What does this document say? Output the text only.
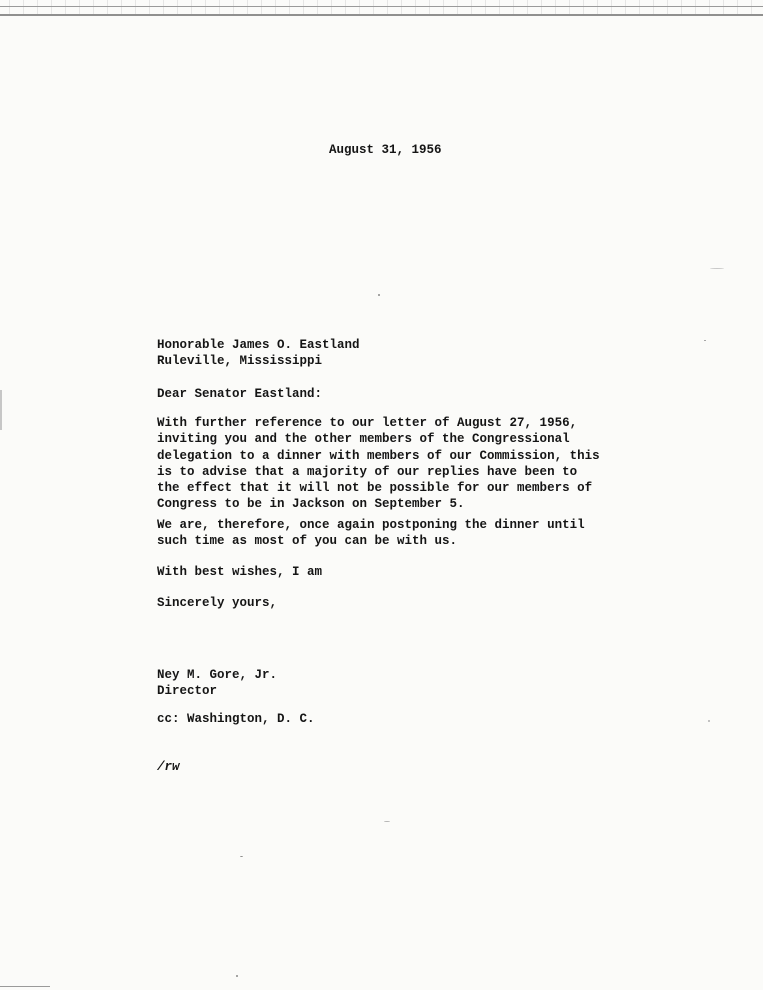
August 31, 1956
Honorable James O. Eastland
Ruleville, Mississippi
Dear Senator Eastland:
With further reference to our letter of August 27, 1956,
inviting you and the other members of the Congressional
delegation to a dinner with members of our Commission, this
is to advise that a majority of our replies have been to
the effect that it will not be possible for our members of
Congress to be in Jackson on September 5.
We are, therefore, once again postponing the dinner until
such time as most of you can be with us.
With best wishes, I am
Sincerely yours,
Ney M. Gore, Jr.
Director
cc: Washington, D. C.
/rw
